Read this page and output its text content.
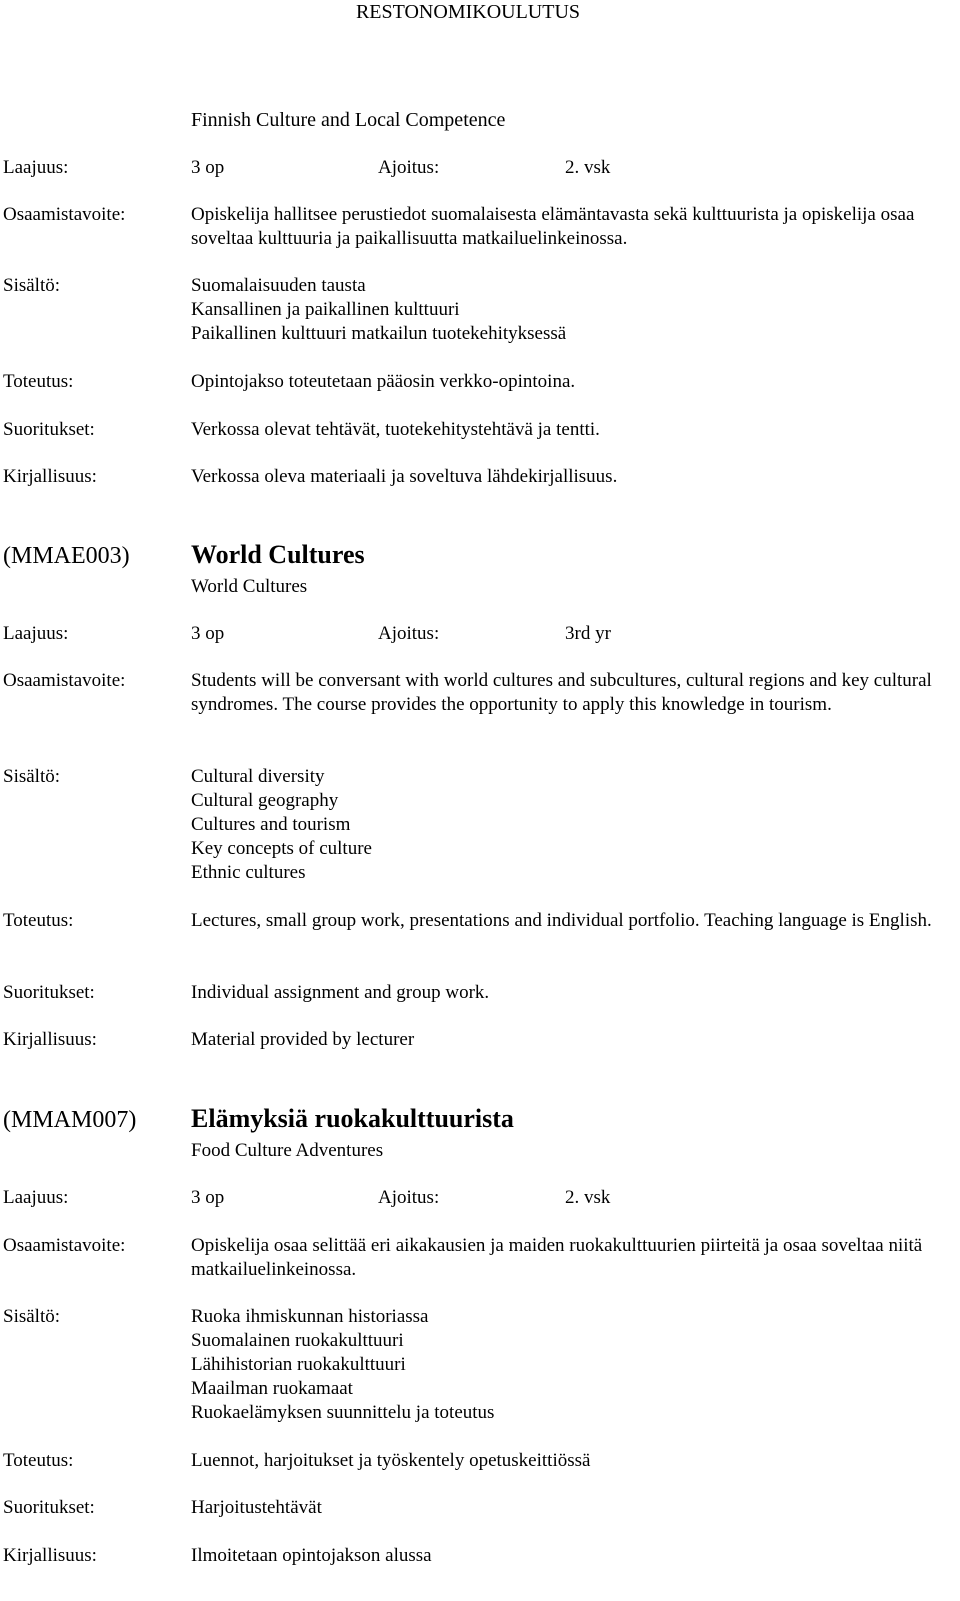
RESTONOMIKOULUTUS
Finnish Culture and Local Competence
Laajuus:	3 op	Ajoitus:	2. vsk
Osaamistavoite:	Opiskelija hallitsee perustiedot suomalaisesta elämäntavasta sekä kulttuurista ja opiskelija osaa soveltaa kulttuuria ja paikallisuutta matkailuelinkeinossa.
Sisältö:	Suomalaisuuden tausta
Kansallinen ja paikallinen kulttuuri
Paikallinen kulttuuri matkailun tuotekehityksessä
Toteutus:	Opintojakso toteutetaan pääosin verkko-opintoina.
Suoritukset:	Verkossa olevat tehtävät, tuotekehitystehtävä ja tentti.
Kirjallisuus:	Verkossa oleva materiaali ja soveltuva lähdekirjallisuus.
(MMAE003) World Cultures
World Cultures
Laajuus:	3 op	Ajoitus:	3rd yr
Osaamistavoite:	Students will be conversant with world cultures and subcultures, cultural regions and key cultural syndromes. The course provides the opportunity to apply this knowledge in tourism.
Sisältö:	Cultural diversity
Cultural geography
Cultures and tourism
Key concepts of culture
Ethnic cultures
Toteutus:	Lectures, small group work, presentations and individual portfolio. Teaching language is English.
Suoritukset:	Individual assignment and group work.
Kirjallisuus:	Material provided by lecturer
(MMAM007) Elämyksiä ruokakulttuurista
Food Culture Adventures
Laajuus:	3 op	Ajoitus:	2. vsk
Osaamistavoite:	Opiskelija osaa selittää eri aikakausien ja maiden ruokakulttuurien piirteitä ja osaa soveltaa niitä matkailuelinkeinossa.
Sisältö:	Ruoka ihmiskunnan historiassa
Suomalainen ruokakulttuuri
Lähihistorian ruokakulttuuri
Maailman ruokamaat
Ruokaelämyksen suunnittelu ja toteutus
Toteutus:	Luennot, harjoitukset ja työskentely opetuskeittiössä
Suoritukset:	Harjoitustehtävät
Kirjallisuus:	Ilmoitetaan opintojakson alussa
